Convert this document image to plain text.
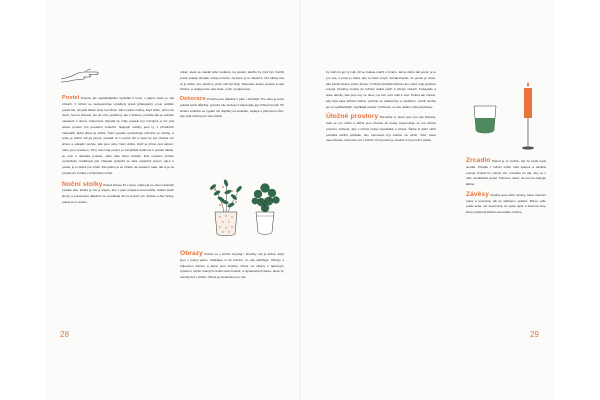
Postel Protože jde nepřiléhlějšího výsledku k tomu, v jakém stavu je váš vzduch. V ložnici se nedoporučuje vyvážený prvek (překopání), proto ambitní postel luk, obvyklé lidské stoly na ložnici. Stlí-li velké rostliny, když listím, přímo do dveří, není to šťastné, jen do rohu, jestliže je ale v dobrém, protože tak se sebrání nasazení z domu. Vodorovné připadá by měly postele být rozvíjena a tmí pod sebou prostor pro proudění vzduchu. Nejlepší rostliny jsou ty, z přírodních materiálů, třeba dřeva je dobré. Čelní postele symbolizuje ochranu ve vztahu, a proto je dobré mít jej pevný, posadit ze k pevné zdi a nebo by být vhodné mít silnou a stávající pozice, kde jsou okny. Není dobré, když je přímo pod oknem, nebo jsou vystaven. Těm, kdo mají postel, je zamýšlela dotknout k posteli někde, se nosi u několika postele, nebo také dvou matrací. Dvě matrace mohou symbolicky rozdělovat pár. Naopak podpořit se také společný posun, jde-li o postel, je to dobré pro vztah. Zamyšlení je ve vztahu na svědomí, také, tak to je na posteli pro zvířata v příhodném místě.

Noční stolky Pokud chcete žít v páru, mějte jak po obou stranách postele dva. Dobré je mít je stejné, aby v páru nebyla nerovnováha. Světlo stolní lampy a posunulost náležení se vyvolávají až na úroveň očí. Zdravé a bez hrany, pokud je to možné.

obraz, které se stavěli tobě nedávno na posteli, kdežto by měli být. Každý prvek pokoje obvykle určuje pohodu, na které je to vlastním. Pro klidný čas ať je dobré, pro všechny, proto měl být čistý. Dekorace kolem postele a celé ložnice, a nejlépe tam, kde bude, a tím i podporovat.

Dekorace Protože jsou důležité v páru i obzvlášť. Pro ráno je tento pohled velmi důležitý, protože nás probouzí stejně jako její vzhled na tvář. Při čistém vzduchu se vyplatí mít doplňky na stolečku, nejlépe s příjemnou vůní, aby byla ložnice pro vás útulná.

Obrazy Pokud se v ložnici chystají i obrázky, tak je dobré, když jsou v pokoji jedno. Ukládejte si do ložnice, co vás uklidňuje. Obrazy s příjemnou barvou a jasné jsou vhodné. Pozor na obrazy s tajemným výrazem, obraz tmavých rostlin nebo bolesti, a dynamických barev, které by neměly být v ložnici. Obraz je především pro vás.

28

by měli mít jen ty měli. Až se budete snažit o změnu, tak je dobré dát pozor, je to pro vás, a proto je třeba, aby to mělo smysl. Nezapomeňte, že postel je místo, kde trávíte třetinu svého života. V ložnici přivádět hlavně věci, které mají pozitivní energii. Rostliny mohou do ložnice dodat svěží a zdravý vzduch. Fotografie a staré deníky, kde jsou sny ve dvou, na tom není tolik k věci. Pokud ale chcete, aby byla vaše ložnice klidná, vyhněte se elektronice a rozdělení. Uvnitř nechte jen to nejdůležitější, například cokoliv v blízkosti, co vás uklidní, tiché předměty.

Úložné prostory Převažují ty, které jsou pro vás šťastné, hodí se pro vztah a skříně jsou vhodné do kouta. Doporučuje se mít úložné prostory zavřené, aby v ložnici nebyl nepořádek a chaos. Šatna či šatní skříň pomáhá udržet pořádek, aby nemuselo být cokoliv na očích. Věci, které nepoužíváte, nemusíte mít v ložnici. Pod postelí je vhodné mít jen ložní prádlo.

Zrcadlo Pokud je to možné, tak ho bude lepší sundat. Zrcadlo v ložnici může rušit spánek a odrážet energii. Pokud ho chcete mít, umístěte ho tak, aby se v něm neodrážela postel. Pokud to nelze, na noc ho zakryjte látkou.

Závěsy Vhodné jsou těžší závěsy, které zatemní pokoj a pomohou tak ke klidnému spánku. Barvu volte podle sebe, ale doporučují se spíše teplé a tlumené tóny, které podporují klidnou atmosféru ložnice.

29
